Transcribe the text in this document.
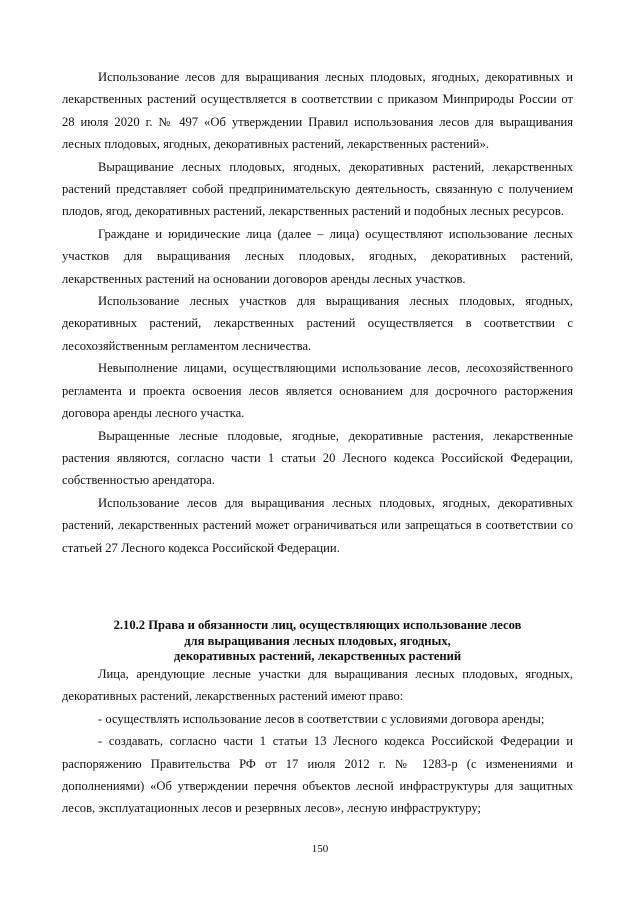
Использование лесов для выращивания лесных плодовых, ягодных, декоративных и лекарственных растений осуществляется в соответствии с приказом Минприроды России от 28 июля 2020 г. № 497 «Об утверждении Правил использования лесов для выращивания лесных плодовых, ягодных, декоративных растений, лекарственных растений».

Выращивание лесных плодовых, ягодных, декоративных растений, лекарственных растений представляет собой предпринимательскую деятельность, связанную с получением плодов, ягод, декоративных растений, лекарственных растений и подобных лесных ресурсов.

Граждане и юридические лица (далее – лица) осуществляют использование лесных участков для выращивания лесных плодовых, ягодных, декоративных растений, лекарственных растений на основании договоров аренды лесных участков.

Использование лесных участков для выращивания лесных плодовых, ягодных, декоративных растений, лекарственных растений осуществляется в соответствии с лесохозяйственным регламентом лесничества.

Невыполнение лицами, осуществляющими использование лесов, лесохозяйственного регламента и проекта освоения лесов является основанием для досрочного расторжения договора аренды лесного участка.

Выращенные лесные плодовые, ягодные, декоративные растения, лекарственные растения являются, согласно части 1 статьи 20 Лесного кодекса Российской Федерации, собственностью арендатора.

Использование лесов для выращивания лесных плодовых, ягодных, декоративных растений, лекарственных растений может ограничиваться или запрещаться в соответствии со статьей 27 Лесного кодекса Российской Федерации.

2.10.2 Права и обязанности лиц, осуществляющих использование лесов
для выращивания лесных плодовых, ягодных,
декоративных растений, лекарственных растений

Лица, арендующие лесные участки для выращивания лесных плодовых, ягодных, декоративных растений, лекарственных растений имеют право:

- осуществлять использование лесов в соответствии с условиями договора аренды;

- создавать, согласно части 1 статьи 13 Лесного кодекса Российской Федерации и распоряжению Правительства РФ от 17 июля 2012 г. № 1283-р (с изменениями и дополнениями) «Об утверждении перечня объектов лесной инфраструктуры для защитных лесов, эксплуатационных лесов и резервных лесов», лесную инфраструктуру;

150
